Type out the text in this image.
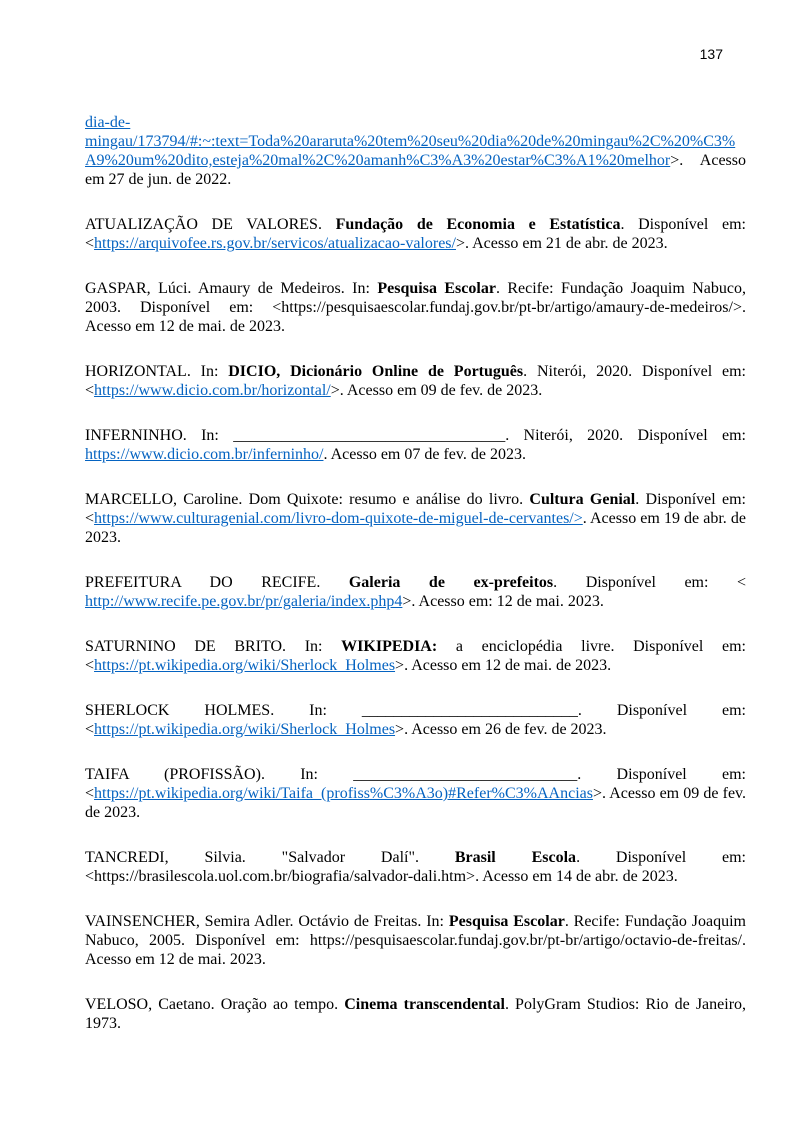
137

dia-de-
mingau/173794/#:~:text=Toda%20araruta%20tem%20seu%20dia%20de%20mingau%2C%20%C3%A9%20um%20dito,esteja%20mal%2C%20amanh%C3%A3%20estar%C3%A1%20melhor>. Acesso em 27 de jun. de 2022.

ATUALIZAÇÃO DE VALORES. Fundação de Economia e Estatística. Disponível em: <https://arquivofee.rs.gov.br/servicos/atualizacao-valores/>. Acesso em 21 de abr. de 2023.

GASPAR, Lúci. Amaury de Medeiros. In: Pesquisa Escolar. Recife: Fundação Joaquim Nabuco, 2003. Disponível em: <https://pesquisaescolar.fundaj.gov.br/pt-br/artigo/amaury-de-medeiros/>. Acesso em 12 de mai. de 2023.

HORIZONTAL. In: DICIO, Dicionário Online de Português. Niterói, 2020. Disponível em: <https://www.dicio.com.br/horizontal/>. Acesso em 09 de fev. de 2023.

INFERNINHO. In: __________________________________. Niterói, 2020. Disponível em: https://www.dicio.com.br/inferninho/. Acesso em 07 de fev. de 2023.

MARCELLO, Caroline. Dom Quixote: resumo e análise do livro. Cultura Genial. Disponível em: <https://www.culturagenial.com/livro-dom-quixote-de-miguel-de-cervantes/>. Acesso em 19 de abr. de 2023.

PREFEITURA DO RECIFE. Galeria de ex-prefeitos. Disponível em: < http://www.recife.pe.gov.br/pr/galeria/index.php4>. Acesso em: 12 de mai. 2023.

SATURNINO DE BRITO. In: WIKIPEDIA: a enciclopédia livre. Disponível em: <https://pt.wikipedia.org/wiki/Sherlock_Holmes>. Acesso em 12 de mai. de 2023.

SHERLOCK HOLMES. In: ___________________________. Disponível em: <https://pt.wikipedia.org/wiki/Sherlock_Holmes>. Acesso em 26 de fev. de 2023.

TAIFA (PROFISSÃO). In: ____________________________. Disponível em: <https://pt.wikipedia.org/wiki/Taifa_(profiss%C3%A3o)#Refer%C3%AAncias>. Acesso em 09 de fev. de 2023.

TANCREDI, Silvia. "Salvador Dalí". Brasil Escola. Disponível em: <https://brasilescola.uol.com.br/biografia/salvador-dali.htm>. Acesso em 14 de abr. de 2023.

VAINSENCHER, Semira Adler. Octávio de Freitas. In: Pesquisa Escolar. Recife: Fundação Joaquim Nabuco, 2005. Disponível em: https://pesquisaescolar.fundaj.gov.br/pt-br/artigo/octavio-de-freitas/. Acesso em 12 de mai. 2023.

VELOSO, Caetano. Oração ao tempo. Cinema transcendental. PolyGram Studios: Rio de Janeiro, 1973.
